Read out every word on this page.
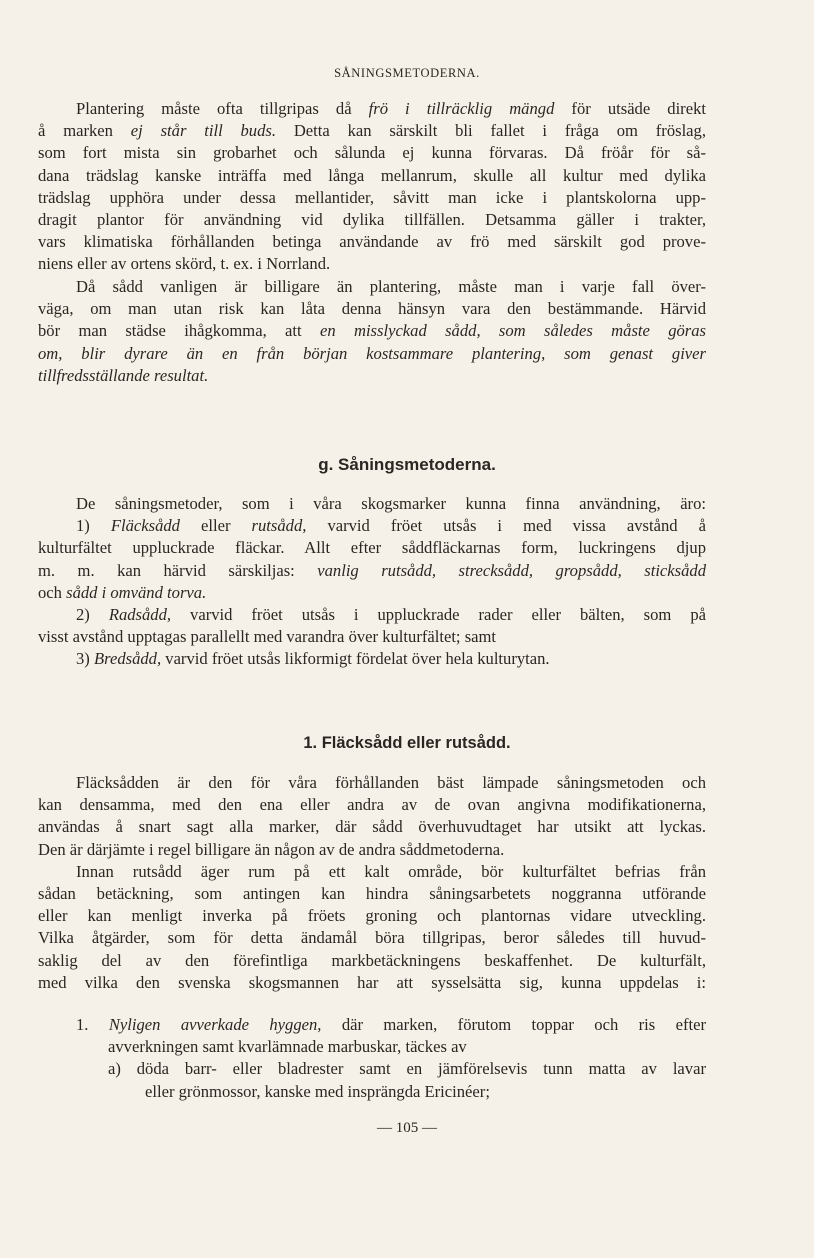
SÅNINGSMETODERNA.
Plantering måste ofta tillgripas då frö i tillräcklig mängd för utsäde direkt
å marken ej står till buds. Detta kan särskilt bli fallet i fråga om fröslag,
som fort mista sin grobarhet och sålunda ej kunna förvaras. Då fröår för så-
dana trädslag kanske inträffa med långa mellanrum, skulle all kultur med dylika
trädslag upphöra under dessa mellantider, såvitt man icke i plantskolorna upp-
dragit plantor för användning vid dylika tillfällen. Detsamma gäller i trakter,
vars klimatiska förhållanden betinga användande av frö med särskilt god prove-
niens eller av ortens skörd, t. ex. i Norrland.
Då sådd vanligen är billigare än plantering, måste man i varje fall över-
väga, om man utan risk kan låta denna hänsyn vara den bestämmande. Härvid
bör man städse ihågkomma, att en misslyckad sådd, som således måste göras
om, blir dyrare än en från början kostsammare plantering, som genast giver
tillfredsställande resultat.
g. Såningsmetoderna.
De såningsmetoder, som i våra skogsmarker kunna finna användning, äro:
1) Fläcksådd eller rutsådd, varvid fröet utsås i med vissa avstånd å
kulturfältet uppluckrade fläckar. Allt efter såddfläckarnas form, luckringens djup
m. m. kan härvid särskiljas: vanlig rutsådd, strecksådd, gropsådd, sticksådd
och sådd i omvänd torva.
2) Radsådd, varvid fröet utsås i uppluckrade rader eller bälten, som på
visst avstånd upptagas parallellt med varandra över kulturfältet; samt
3) Bredsådd, varvid fröet utsås likformigt fördelat över hela kulturytan.
1. Fläcksådd eller rutsådd.
Fläcksådden är den för våra förhållanden bäst lämpade såningsmetoden och
kan densamma, med den ena eller andra av de ovan angivna modifikationerna,
användas å snart sagt alla marker, där sådd överhuvudtaget har utsikt att lyckas.
Den är därjämte i regel billigare än någon av de andra såddmetoderna.
Innan rutsådd äger rum på ett kalt område, bör kulturfältet befrias från
sådan betäckning, som antingen kan hindra såningsarbetets noggranna utförande
eller kan menligt inverka på fröets groning och plantornas vidare utveckling.
Vilka åtgärder, som för detta ändamål böra tillgripas, beror således till huvud-
saklig del av den förefintliga markbetäckningens beskaffenhet. De kulturfält,
med vilka den svenska skogsmannen har att sysselsätta sig, kunna uppdelas i:
1. Nyligen avverkade hyggen, där marken, förutom toppar och ris efter
avverkningen samt kvarlämnade marbuskar, täckes av
a) döda barr- eller bladrester samt en jämförelsevis tunn matta av lavar
eller grönmossor, kanske med insprängda Ericinéer;
— 105 —
